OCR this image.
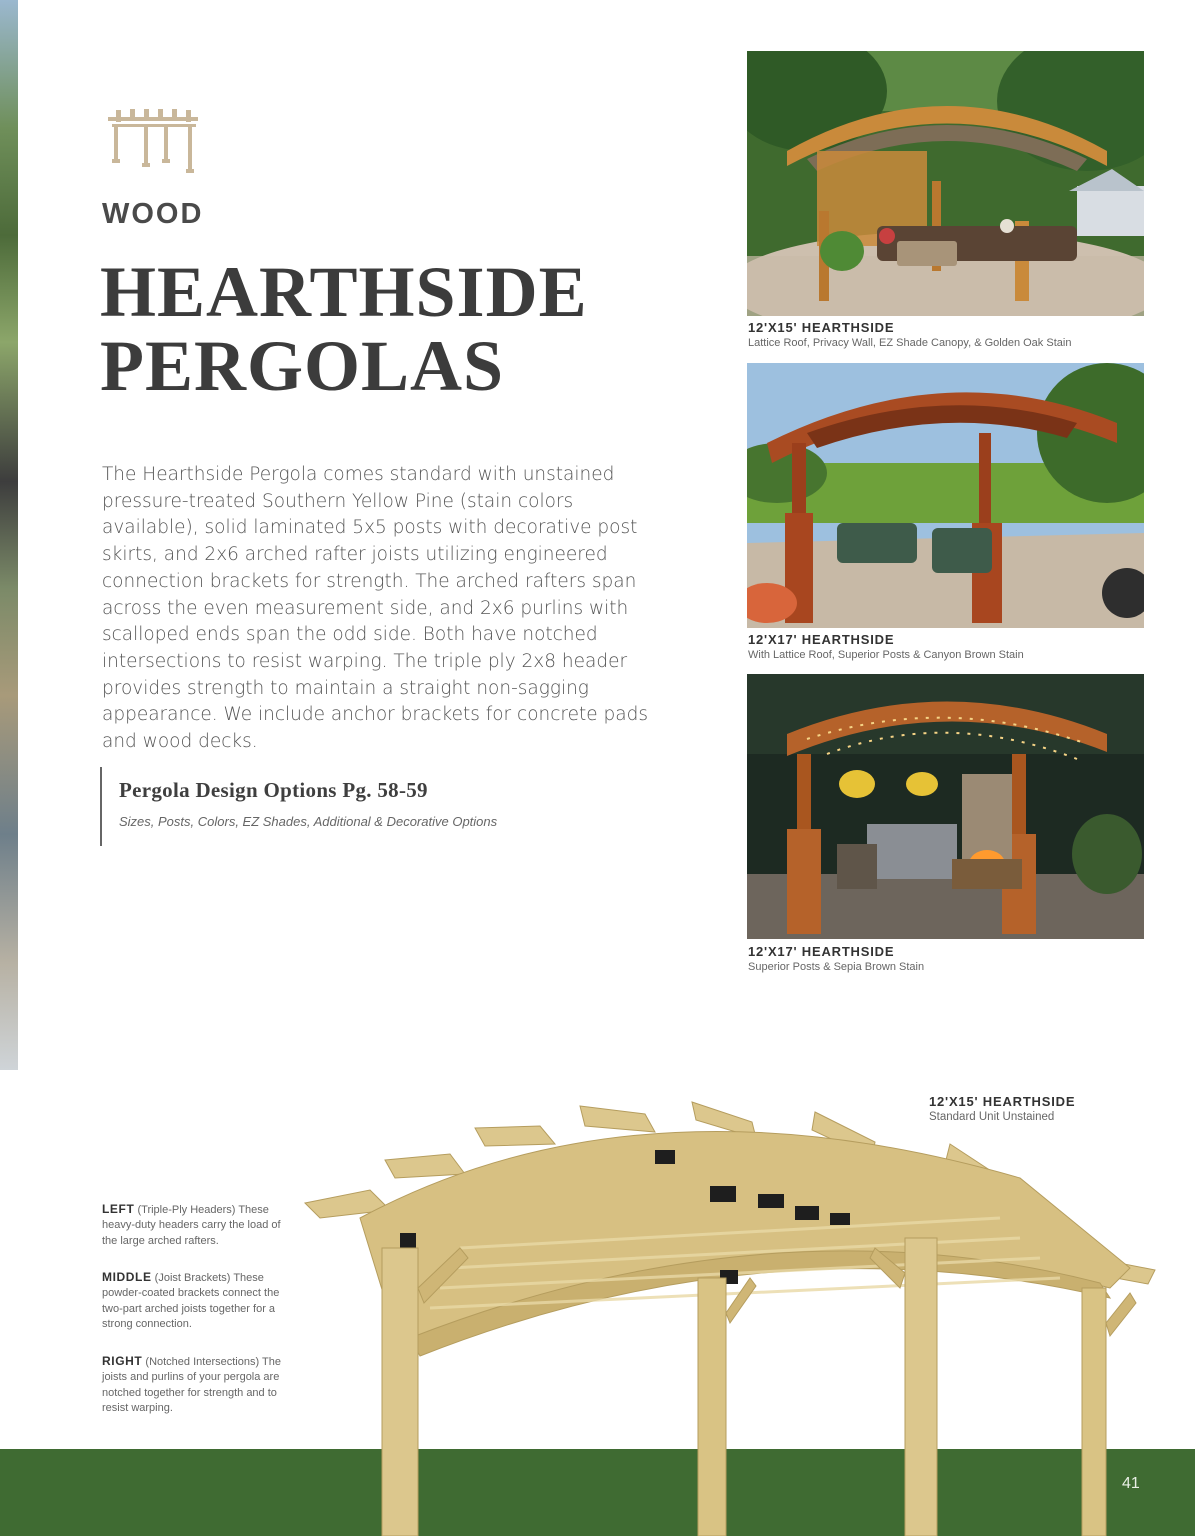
WOOD
HEARTHSIDE PERGOLAS

The Hearthside Pergola comes standard with unstained pressure-treated Southern Yellow Pine (stain colors available), solid laminated 5x5 posts with decorative post skirts, and 2x6 arched rafter joists utilizing engineered connection brackets for strength. The arched rafters span across the even measurement side, and 2x6 purlins with scalloped ends span the odd side. Both have notched intersections to resist warping. The triple ply 2x8 header provides strength to maintain a straight non-sagging appearance. We include anchor brackets for concrete pads and wood decks.

Pergola Design Options Pg. 58-59
Sizes, Posts, Colors, EZ Shades, Additional & Decorative Options
12'X15' HEARTHSIDE
Lattice Roof, Privacy Wall, EZ Shade Canopy, & Golden Oak Stain
12'X17' HEARTHSIDE
With Lattice Roof, Superior Posts & Canyon Brown Stain
12'X17' HEARTHSIDE
Superior Posts & Sepia Brown Stain
12'X15' HEARTHSIDE
Standard Unit Unstained
LEFT (Triple-Ply Headers) These heavy-duty headers carry the load of the large arched rafters.
MIDDLE (Joist Brackets) These powder-coated brackets connect the two-part arched joists together for a strong connection.
RIGHT (Notched Intersections) The joists and purlins of your pergola are notched together for strength and to resist warping.
41
